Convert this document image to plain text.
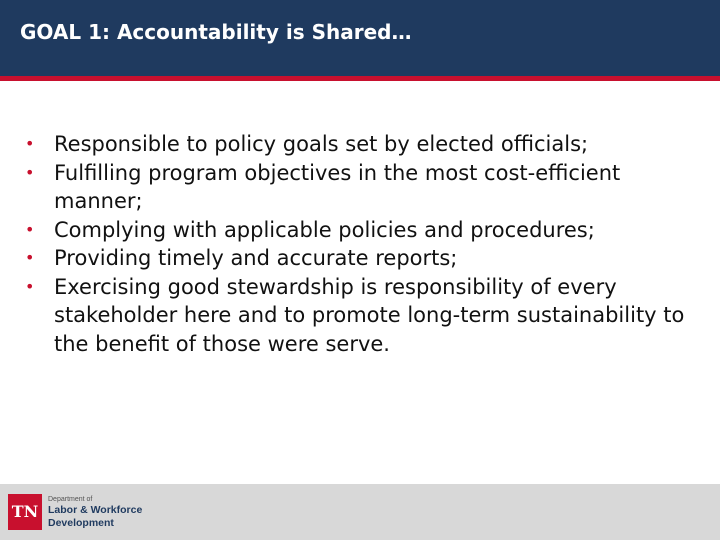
GOAL 1: Accountability is Shared…
• Responsible to policy goals set by elected officials;
• Fulfilling program objectives in the most cost-efficient manner;
• Complying with applicable policies and procedures;
• Providing timely and accurate reports;
• Exercising good stewardship is responsibility of every stakeholder here and to promote long-term sustainability to the benefit of those were serve.
TN
Department of
Labor & Workforce
Development
